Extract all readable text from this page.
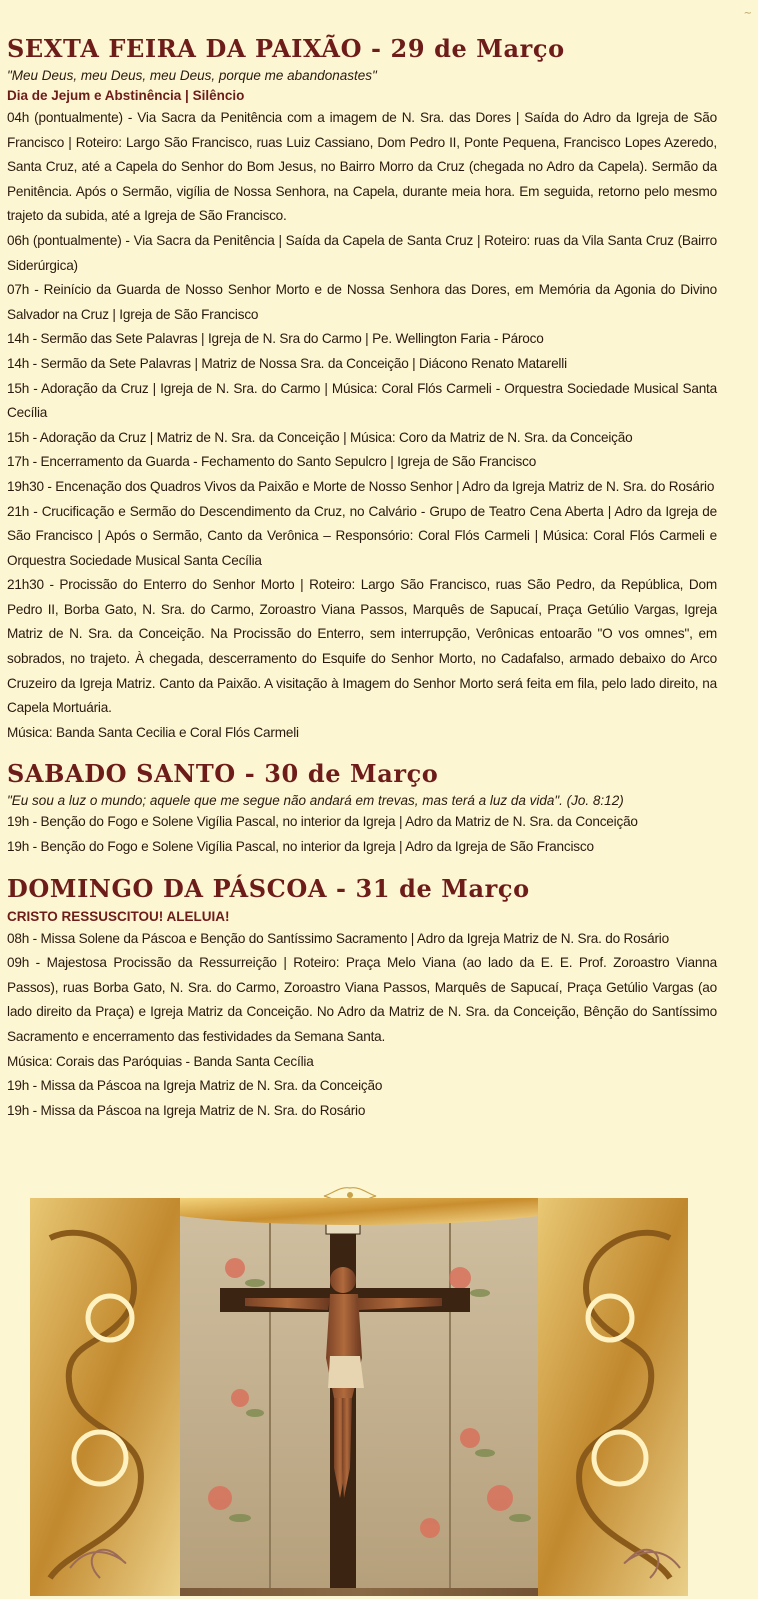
∼
SEXTA FEIRA DA PAIXÃO - 29 de Março
"Meu Deus, meu Deus, meu Deus, porque me abandonastes"
Dia de Jejum e Abstinência | Silêncio
04h (pontualmente) - Via Sacra da Penitência com a imagem de N. Sra. das Dores | Saída do Adro da Igreja de São Francisco | Roteiro: Largo São Francisco, ruas Luiz Cassiano, Dom Pedro II, Ponte Pequena, Francisco Lopes Azeredo, Santa Cruz, até a Capela do Senhor do Bom Jesus, no Bairro Morro da Cruz (chegada no Adro da Capela). Sermão da Penitência. Após o Sermão, vigília de Nossa Senhora, na Capela, durante meia hora. Em seguida, retorno pelo mesmo trajeto da subida, até a Igreja de São Francisco.
06h (pontualmente) - Via Sacra da Penitência | Saída da Capela de Santa Cruz | Roteiro: ruas da Vila Santa Cruz (Bairro Siderúrgica)
07h - Reinício da Guarda de Nosso Senhor Morto e de Nossa Senhora das Dores, em Memória da Agonia do Divino Salvador na Cruz | Igreja de São Francisco
14h - Sermão das Sete Palavras | Igreja de N. Sra do Carmo | Pe. Wellington Faria - Pároco
14h - Sermão da Sete Palavras | Matriz de Nossa Sra. da Conceição | Diácono Renato Matarelli
15h - Adoração da Cruz | Igreja de N. Sra. do Carmo | Música: Coral Flós Carmeli - Orquestra Sociedade Musical Santa Cecília
15h - Adoração da Cruz | Matriz de N. Sra. da Conceição | Música: Coro da Matriz de N. Sra. da Conceição
17h - Encerramento da Guarda - Fechamento do Santo Sepulcro | Igreja de São Francisco
19h30 - Encenação dos Quadros Vivos da Paixão e Morte de Nosso Senhor | Adro da Igreja Matriz de N. Sra. do Rosário
21h - Crucificação e Sermão do Descendimento da Cruz, no Calvário - Grupo de Teatro Cena Aberta | Adro da Igreja de São Francisco | Após o Sermão, Canto da Verônica – Responsório: Coral Flós Carmeli | Música: Coral Flós Carmeli e Orquestra Sociedade Musical Santa Cecília
21h30 - Procissão do Enterro do Senhor Morto | Roteiro: Largo São Francisco, ruas São Pedro, da República, Dom Pedro II, Borba Gato, N. Sra. do Carmo, Zoroastro Viana Passos, Marquês de Sapucaí, Praça Getúlio Vargas, Igreja Matriz de N. Sra. da Conceição. Na Procissão do Enterro, sem interrupção, Verônicas entoarão "O vos omnes", em sobrados, no trajeto. À chegada, descerramento do Esquife do Senhor Morto, no Cadafalso, armado debaixo do Arco Cruzeiro da Igreja Matriz. Canto da Paixão. A visitação à Imagem do Senhor Morto será feita em fila, pelo lado direito, na Capela Mortuária.
Música: Banda Santa Cecilia e Coral Flós Carmeli
SABADO SANTO - 30 de Março
"Eu sou a luz o mundo; aquele que me segue não andará em trevas, mas terá a luz da vida". (Jo. 8:12)
19h - Benção do Fogo e Solene Vigília Pascal, no interior da Igreja | Adro da Matriz de N. Sra. da Conceição
19h - Benção do Fogo e Solene Vigília Pascal, no interior da Igreja | Adro da Igreja de São Francisco
DOMINGO DA PÁSCOA - 31 de Março
CRISTO RESSUSCITOU! ALELUIA!
08h - Missa Solene da Páscoa e Benção do Santíssimo Sacramento | Adro da Igreja Matriz de N. Sra. do Rosário
09h - Majestosa Procissão da Ressurreição | Roteiro: Praça Melo Viana (ao lado da E. E. Prof. Zoroastro Vianna Passos), ruas Borba Gato, N. Sra. do Carmo, Zoroastro Viana Passos, Marquês de Sapucaí, Praça Getúlio Vargas (ao lado direito da Praça) e Igreja Matriz da Conceição. No Adro da Matriz de N. Sra. da Conceição, Bênção do Santíssimo Sacramento e encerramento das festividades da Semana Santa.
Música: Corais das Paróquias - Banda Santa Cecília
19h - Missa da Páscoa na Igreja Matriz de N. Sra. da Conceição
19h - Missa da Páscoa na Igreja Matriz de N. Sra. do Rosário
